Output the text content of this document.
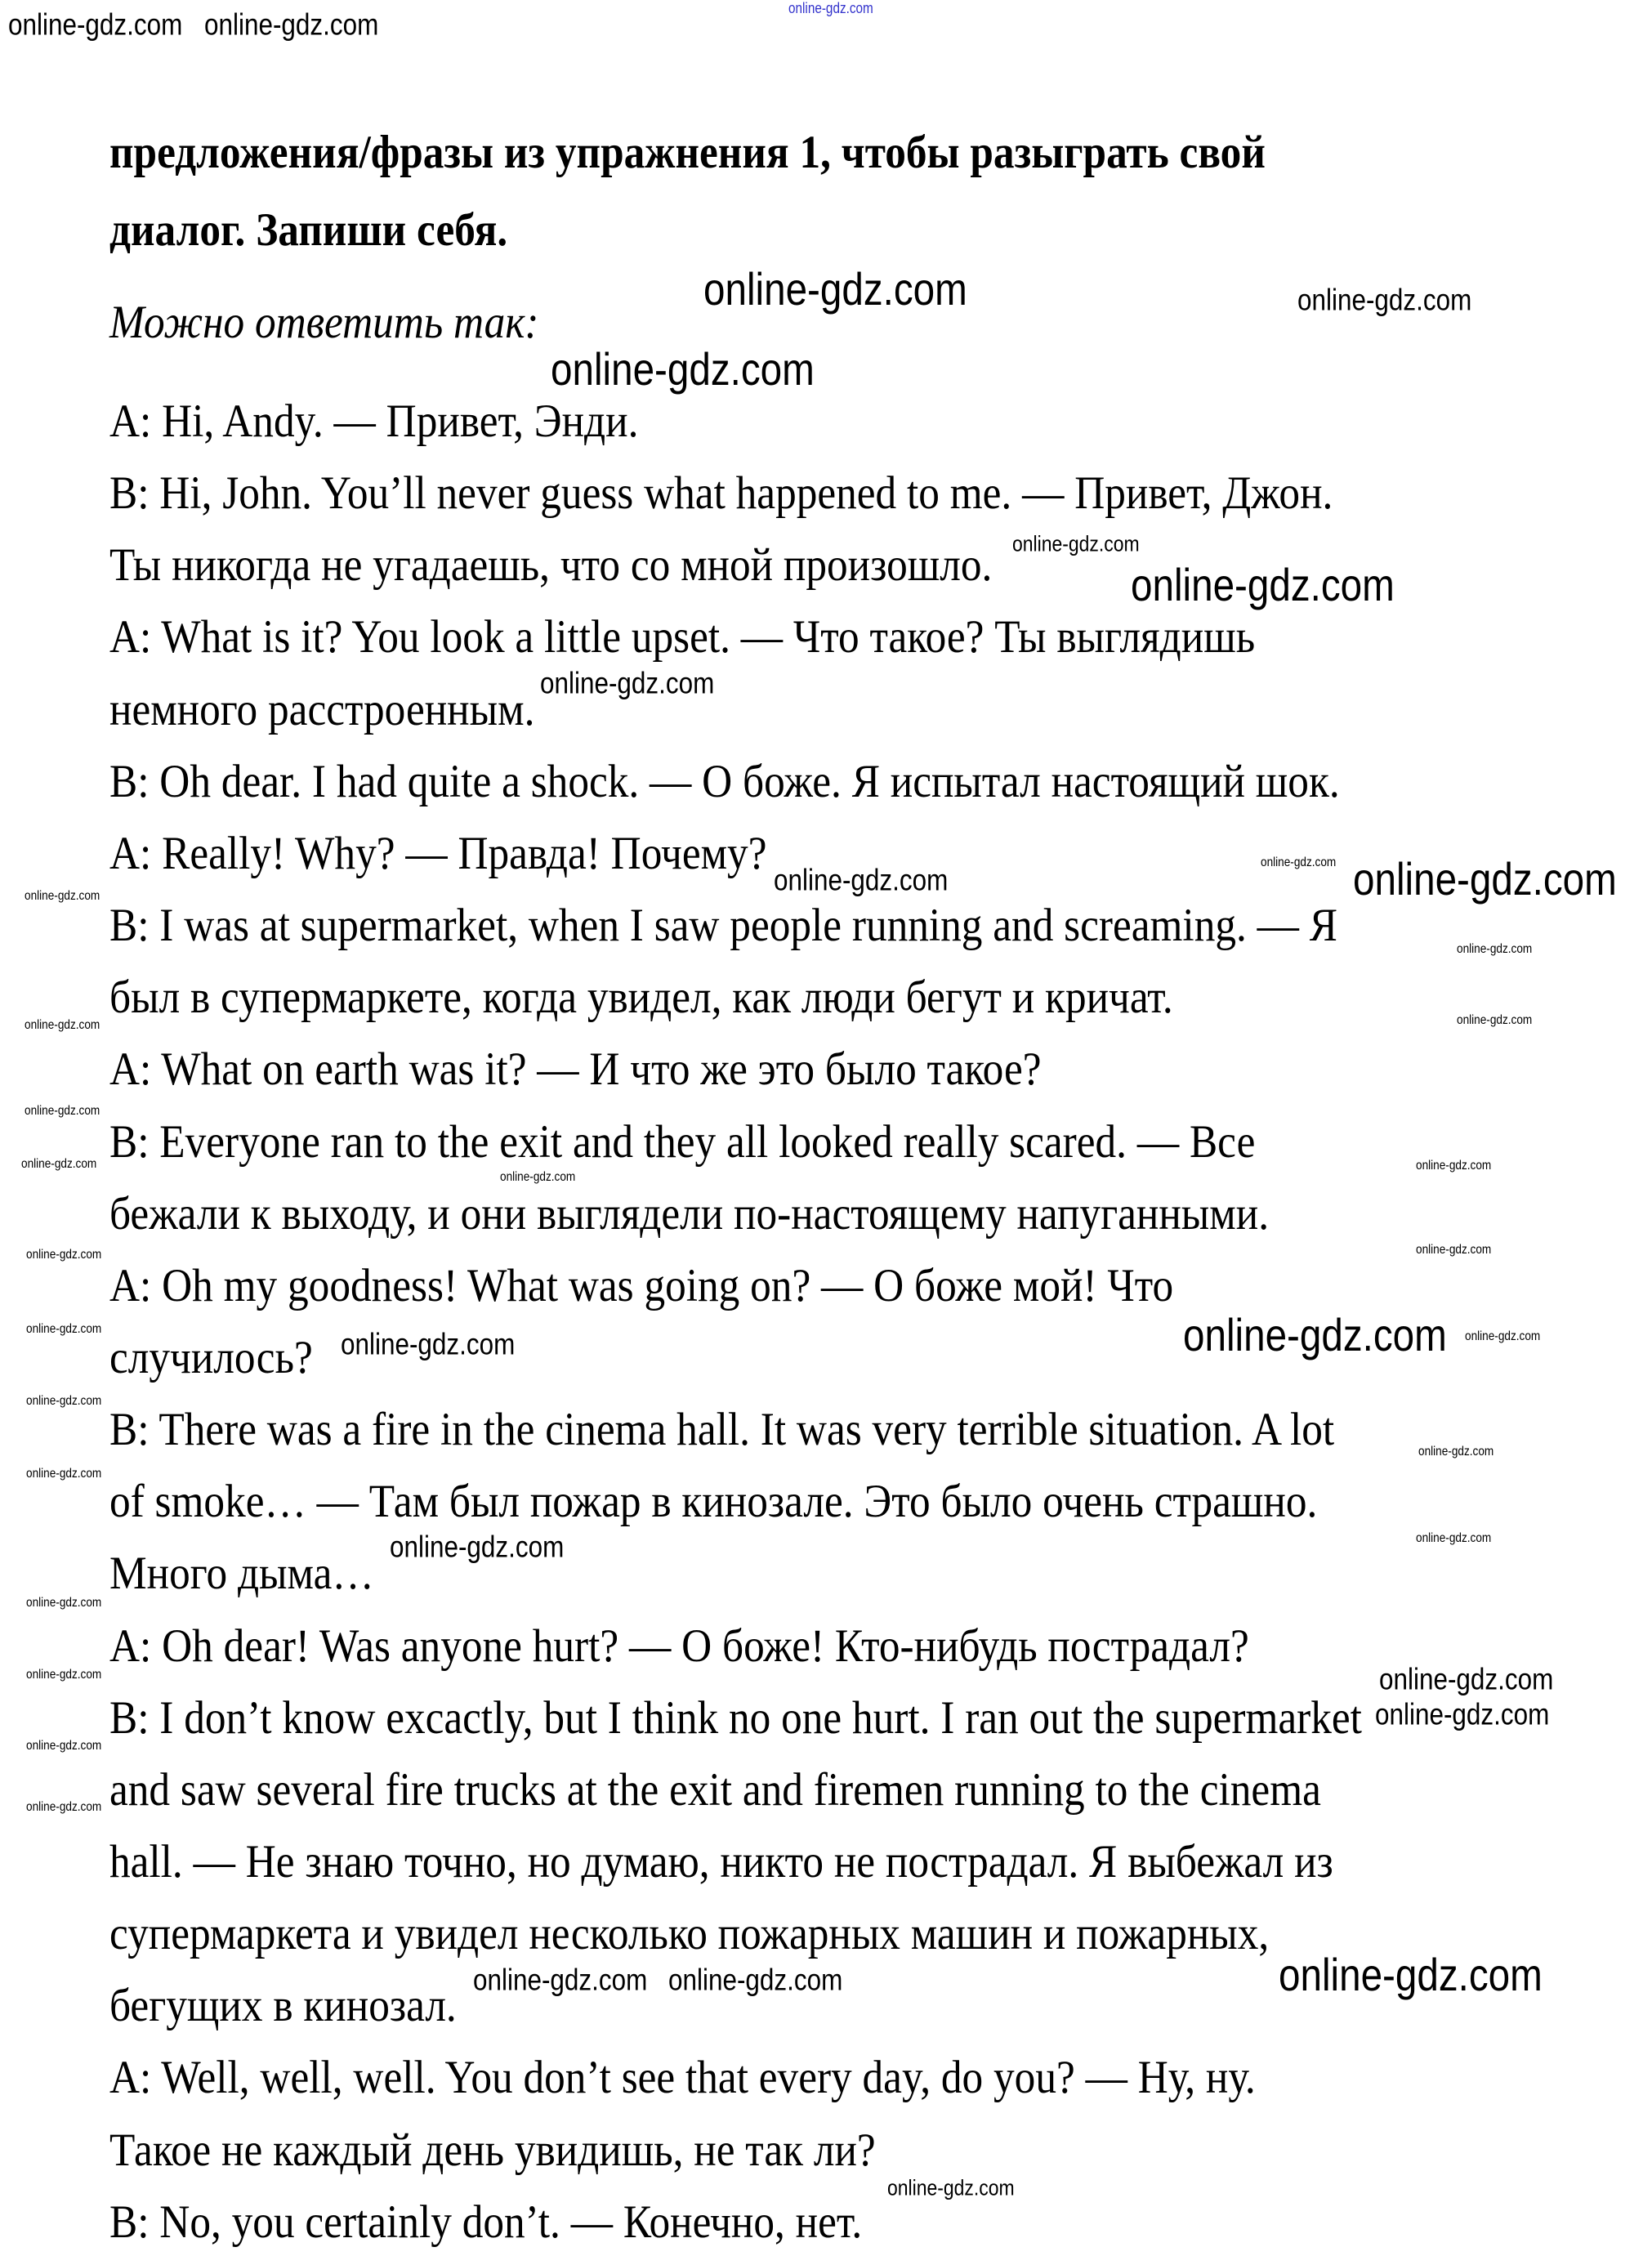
online-gdz.com
предложения/фразы из упражнения 1, чтобы разыграть свой
диалог. Запиши себя.
Можно ответить так:
A: Hi, Andy. — Привет, Энди.
B: Hi, John. You’ll never guess what happened to me. — Привет, Джон.
Ты никогда не угадаешь, что со мной произошло.
A: What is it? You look a little upset. — Что такое? Ты выглядишь
немного расстроенным.
B: Oh dear. I had quite a shock. — О боже. Я испытал настоящий шок.
A: Really! Why? — Правда! Почему?
B: I was at supermarket, when I saw people running and screaming. — Я
был в супермаркете, когда увидел, как люди бегут и кричат.
A: What on earth was it? — И что же это было такое?
B: Everyone ran to the exit and they all looked really scared. — Все
бежали к выходу, и они выглядели по-настоящему напуганными.
A: Oh my goodness! What was going on? — О боже мой! Что
случилось?
B: There was a fire in the cinema hall. It was very terrible situation. A lot
of smoke… — Там был пожар в кинозале. Это было очень страшно.
Много дыма…
A: Oh dear! Was anyone hurt? — О боже! Кто-нибудь пострадал?
B: I don’t know excactly, but I think no one hurt. I ran out the supermarket
and saw several fire trucks at the exit and firemen running to the cinema
hall. — Не знаю точно, но думаю, никто не пострадал. Я выбежал из
супермаркета и увидел несколько пожарных машин и пожарных,
бегущих в кинозал.
A: Well, well, well. You don’t see that every day, do you? — Ну, ну.
Такое не каждый день увидишь, не так ли?
B: No, you certainly don’t. — Конечно, нет.
online-gdz.com
online-gdz.com
online-gdz.com
online-gdz.com
online-gdz.com
online-gdz.com
online-gdz.com
online-gdz.com
online-gdz.com
online-gdz.com
online-gdz.com
online-gdz.com
online-gdz.com
online-gdz.com
online-gdz.com online-gdz.com
online-gdz.com
online-gdz.com
online-gdz.com
online-gdz.com
online-gdz.com
online-gdz.com
online-gdz.com	online-gdz.com
online-gdz.com
online-gdz.com
online-gdz.com
online-gdz.com
online-gdz.com	online-gdz.com
online-gdz.com
online-gdz.com
online-gdz.com
online-gdz.com
online-gdz.com
online-gdz.com
online-gdz.com
online-gdz.com
online-gdz.com
online-gdz.com
